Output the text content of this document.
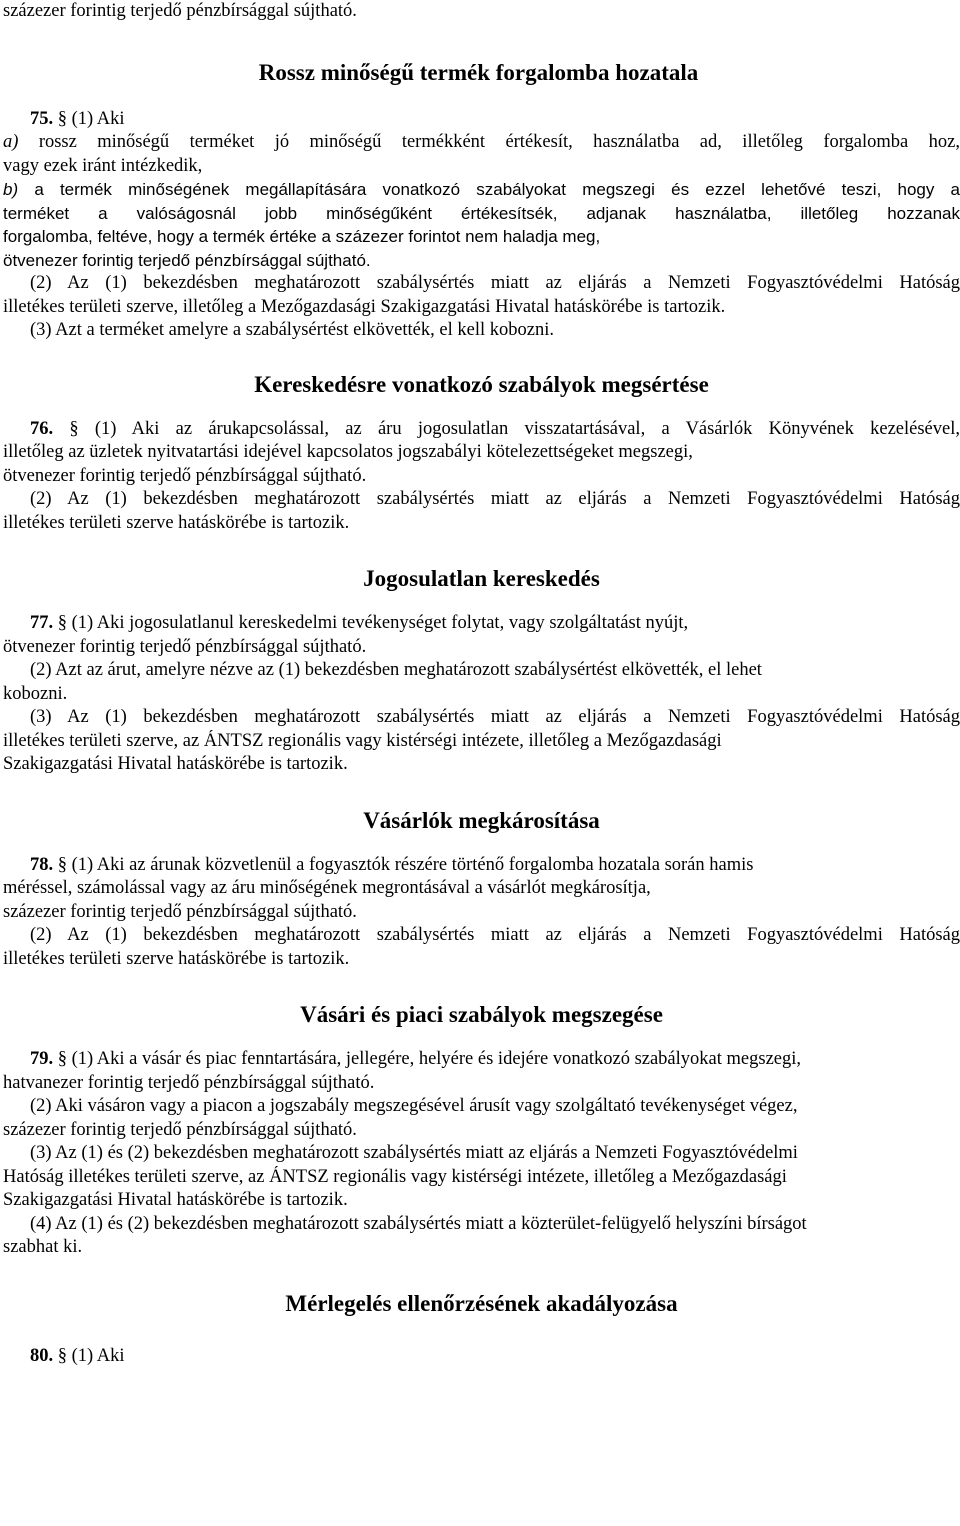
százezer forintig terjedő pénzbírsággal sújtható.
Rossz minőségű termék forgalomba hozatala
75. § (1) Aki
a) rossz minőségű terméket jó minőségű termékként értékesít, használatba ad, illetőleg forgalomba hoz,
vagy ezek iránt intézkedik,
b) a termék minőségének megállapítására vonatkozó szabályokat megszegi és ezzel lehetővé teszi, hogy a
terméket a valóságosnál jobb minőségűként értékesítsék, adjanak használatba, illetőleg hozzanak
forgalomba, feltéve, hogy a termék értéke a százezer forintot nem haladja meg,
ötvenezer forintig terjedő pénzbírsággal sújtható.
(2) Az (1) bekezdésben meghatározott szabálysértés miatt az eljárás a Nemzeti Fogyasztóvédelmi Hatóság
illetékes területi szerve, illetőleg a Mezőgazdasági Szakigazgatási Hivatal hatáskörébe is tartozik.
(3) Azt a terméket amelyre a szabálysértést elkövették, el kell kobozni.
Kereskedésre vonatkozó szabályok megsértése
76. § (1) Aki az árukapcsolással, az áru jogosulatlan visszatartásával, a Vásárlók Könyvének kezelésével,
illetőleg az üzletek nyitvatartási idejével kapcsolatos jogszabályi kötelezettségeket megszegi,
ötvenezer forintig terjedő pénzbírsággal sújtható.
(2) Az (1) bekezdésben meghatározott szabálysértés miatt az eljárás a Nemzeti Fogyasztóvédelmi Hatóság
illetékes területi szerve hatáskörébe is tartozik.
Jogosulatlan kereskedés
77. § (1) Aki jogosulatlanul kereskedelmi tevékenységet folytat, vagy szolgáltatást nyújt,
ötvenezer forintig terjedő pénzbírsággal sújtható.
(2) Azt az árut, amelyre nézve az (1) bekezdésben meghatározott szabálysértést elkövették, el lehet
kobozni.
(3) Az (1) bekezdésben meghatározott szabálysértés miatt az eljárás a Nemzeti Fogyasztóvédelmi Hatóság
illetékes területi szerve, az ÁNTSZ regionális vagy kistérségi intézete, illetőleg a Mezőgazdasági
Szakigazgatási Hivatal hatáskörébe is tartozik.
Vásárlók megkárosítása
78. § (1) Aki az árunak közvetlenül a fogyasztók részére történő forgalomba hozatala során hamis
méréssel, számolással vagy az áru minőségének megrontásával a vásárlót megkárosítja,
százezer forintig terjedő pénzbírsággal sújtható.
(2) Az (1) bekezdésben meghatározott szabálysértés miatt az eljárás a Nemzeti Fogyasztóvédelmi Hatóság
illetékes területi szerve hatáskörébe is tartozik.
Vásári és piaci szabályok megszegése
79. § (1) Aki a vásár és piac fenntartására, jellegére, helyére és idejére vonatkozó szabályokat megszegi,
hatvanezer forintig terjedő pénzbírsággal sújtható.
(2) Aki vásáron vagy a piacon a jogszabály megszegésével árusít vagy szolgáltató tevékenységet végez,
százezer forintig terjedő pénzbírsággal sújtható.
(3) Az (1) és (2) bekezdésben meghatározott szabálysértés miatt az eljárás a Nemzeti Fogyasztóvédelmi
Hatóság illetékes területi szerve, az ÁNTSZ regionális vagy kistérségi intézete, illetőleg a Mezőgazdasági
Szakigazgatási Hivatal hatáskörébe is tartozik.
(4) Az (1) és (2) bekezdésben meghatározott szabálysértés miatt a közterület-felügyelő helyszíni bírságot
szabhat ki.
Mérlegelés ellenőrzésének akadályozása
80. § (1) Aki
